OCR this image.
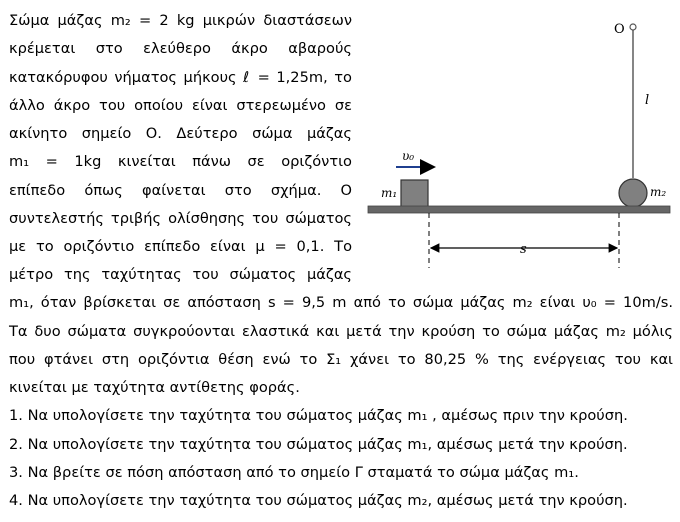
Σώμα μάζας m₂ = 2 kg μικρών διαστάσεων
κρέμεται στο ελεύθερο άκρο αβαρούς
κατακόρυφου νήματος μήκους ℓ = 1,25m, το
άλλο άκρο του οποίου είναι στερεωμένο σε
ακίνητο σημείο Ο. Δεύτερο σώμα μάζας
m₁ = 1kg κινείται πάνω σε οριζόντιο
επίπεδο όπως φαίνεται στο σχήμα. Ο
συντελεστής τριβής ολίσθησης του σώματος
με το οριζόντιο επίπεδο είναι μ = 0,1. Το
μέτρο της ταχύτητας του σώματος μάζας
m₁, όταν βρίσκεται σε απόσταση s = 9,5 m από το σώμα μάζας m₂ είναι υ₀ = 10m/s.
Τα δυο σώματα συγκρούονται ελαστικά και μετά την κρούση το σώμα μάζας m₂ μόλις
που φτάνει στη οριζόντια θέση ενώ το Σ₁ χάνει το 80,25 % της ενέργειας του και
κινείται με ταχύτητα αντίθετης φοράς.
1. Να υπολογίσετε την ταχύτητα του σώματος μάζας m₁ , αμέσως πριν την κρούση.
2. Να υπολογίσετε την ταχύτητα του σώματος μάζας m₁, αμέσως μετά την κρούση.
3. Να βρείτε σε πόση απόσταση από το σημείο Γ σταματά το σώμα μάζας m₁.
4. Να υπολογίσετε την ταχύτητα του σώματος μάζας m₂, αμέσως μετά την κρούση.
O
l
υ₀
m₁	m₂
s
